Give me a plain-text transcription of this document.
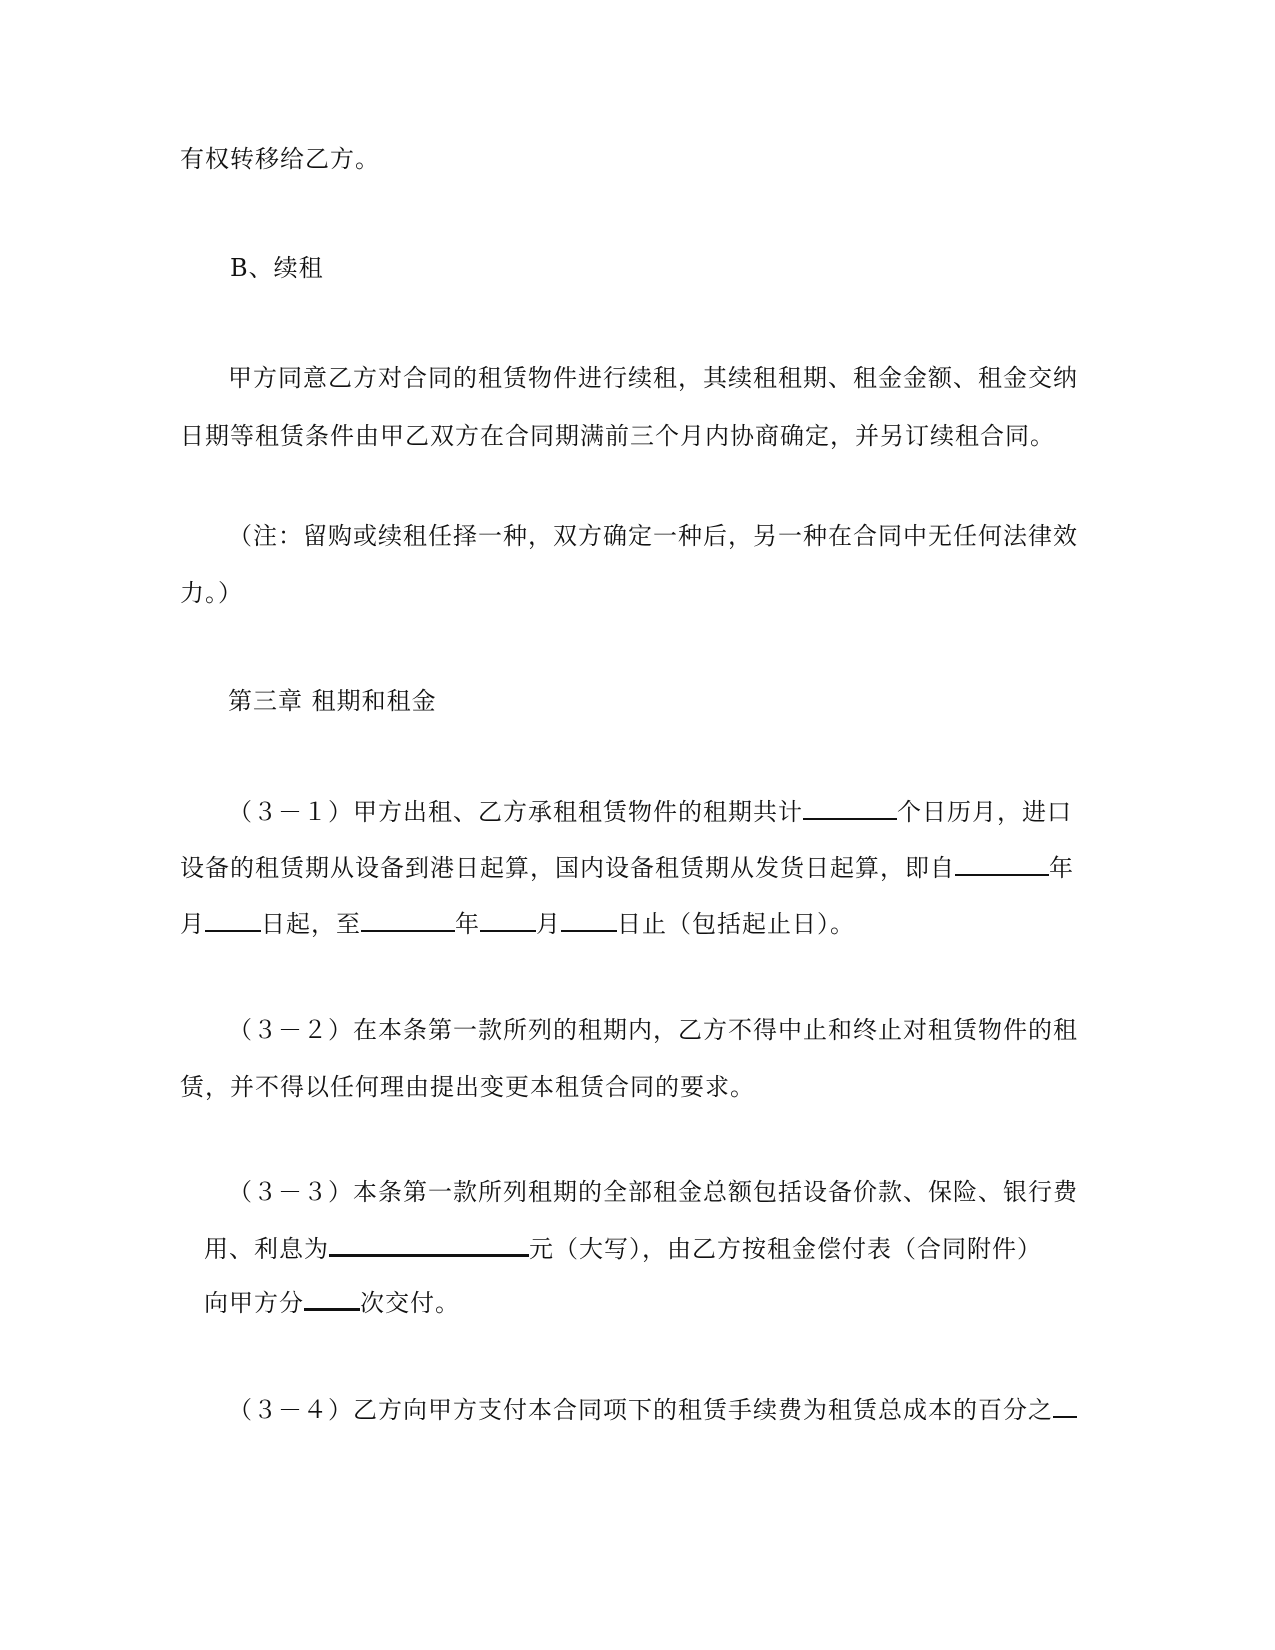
有权转移给乙方。
B、续租
甲方同意乙方对合同的租赁物件进行续租，其续租租期、租金金额、租金交纳
日期等租赁条件由甲乙双方在合同期满前三个月内协商确定，并另订续租合同。
（注：留购或续租任择一种，双方确定一种后，另一种在合同中无任何法律效
力。）
第三章 租期和租金
（３－１）甲方出租、乙方承租租赁物件的租期共计	个日历月，进口
设备的租赁期从设备到港日起算，国内设备租赁期从发货日起算，即自	年
月 日起，至	年 月 日止（包括起止日）。
（３－２）在本条第一款所列的租期内，乙方不得中止和终止对租赁物件的租
赁，并不得以任何理由提出变更本租赁合同的要求。
（３－３）本条第一款所列租期的全部租金总额包括设备价款、保险、银行费
用、利息为	元（大写），由乙方按租金偿付表（合同附件）
向甲方分 次交付。
（３－４）乙方向甲方支付本合同项下的租赁手续费为租赁总成本的百分之
